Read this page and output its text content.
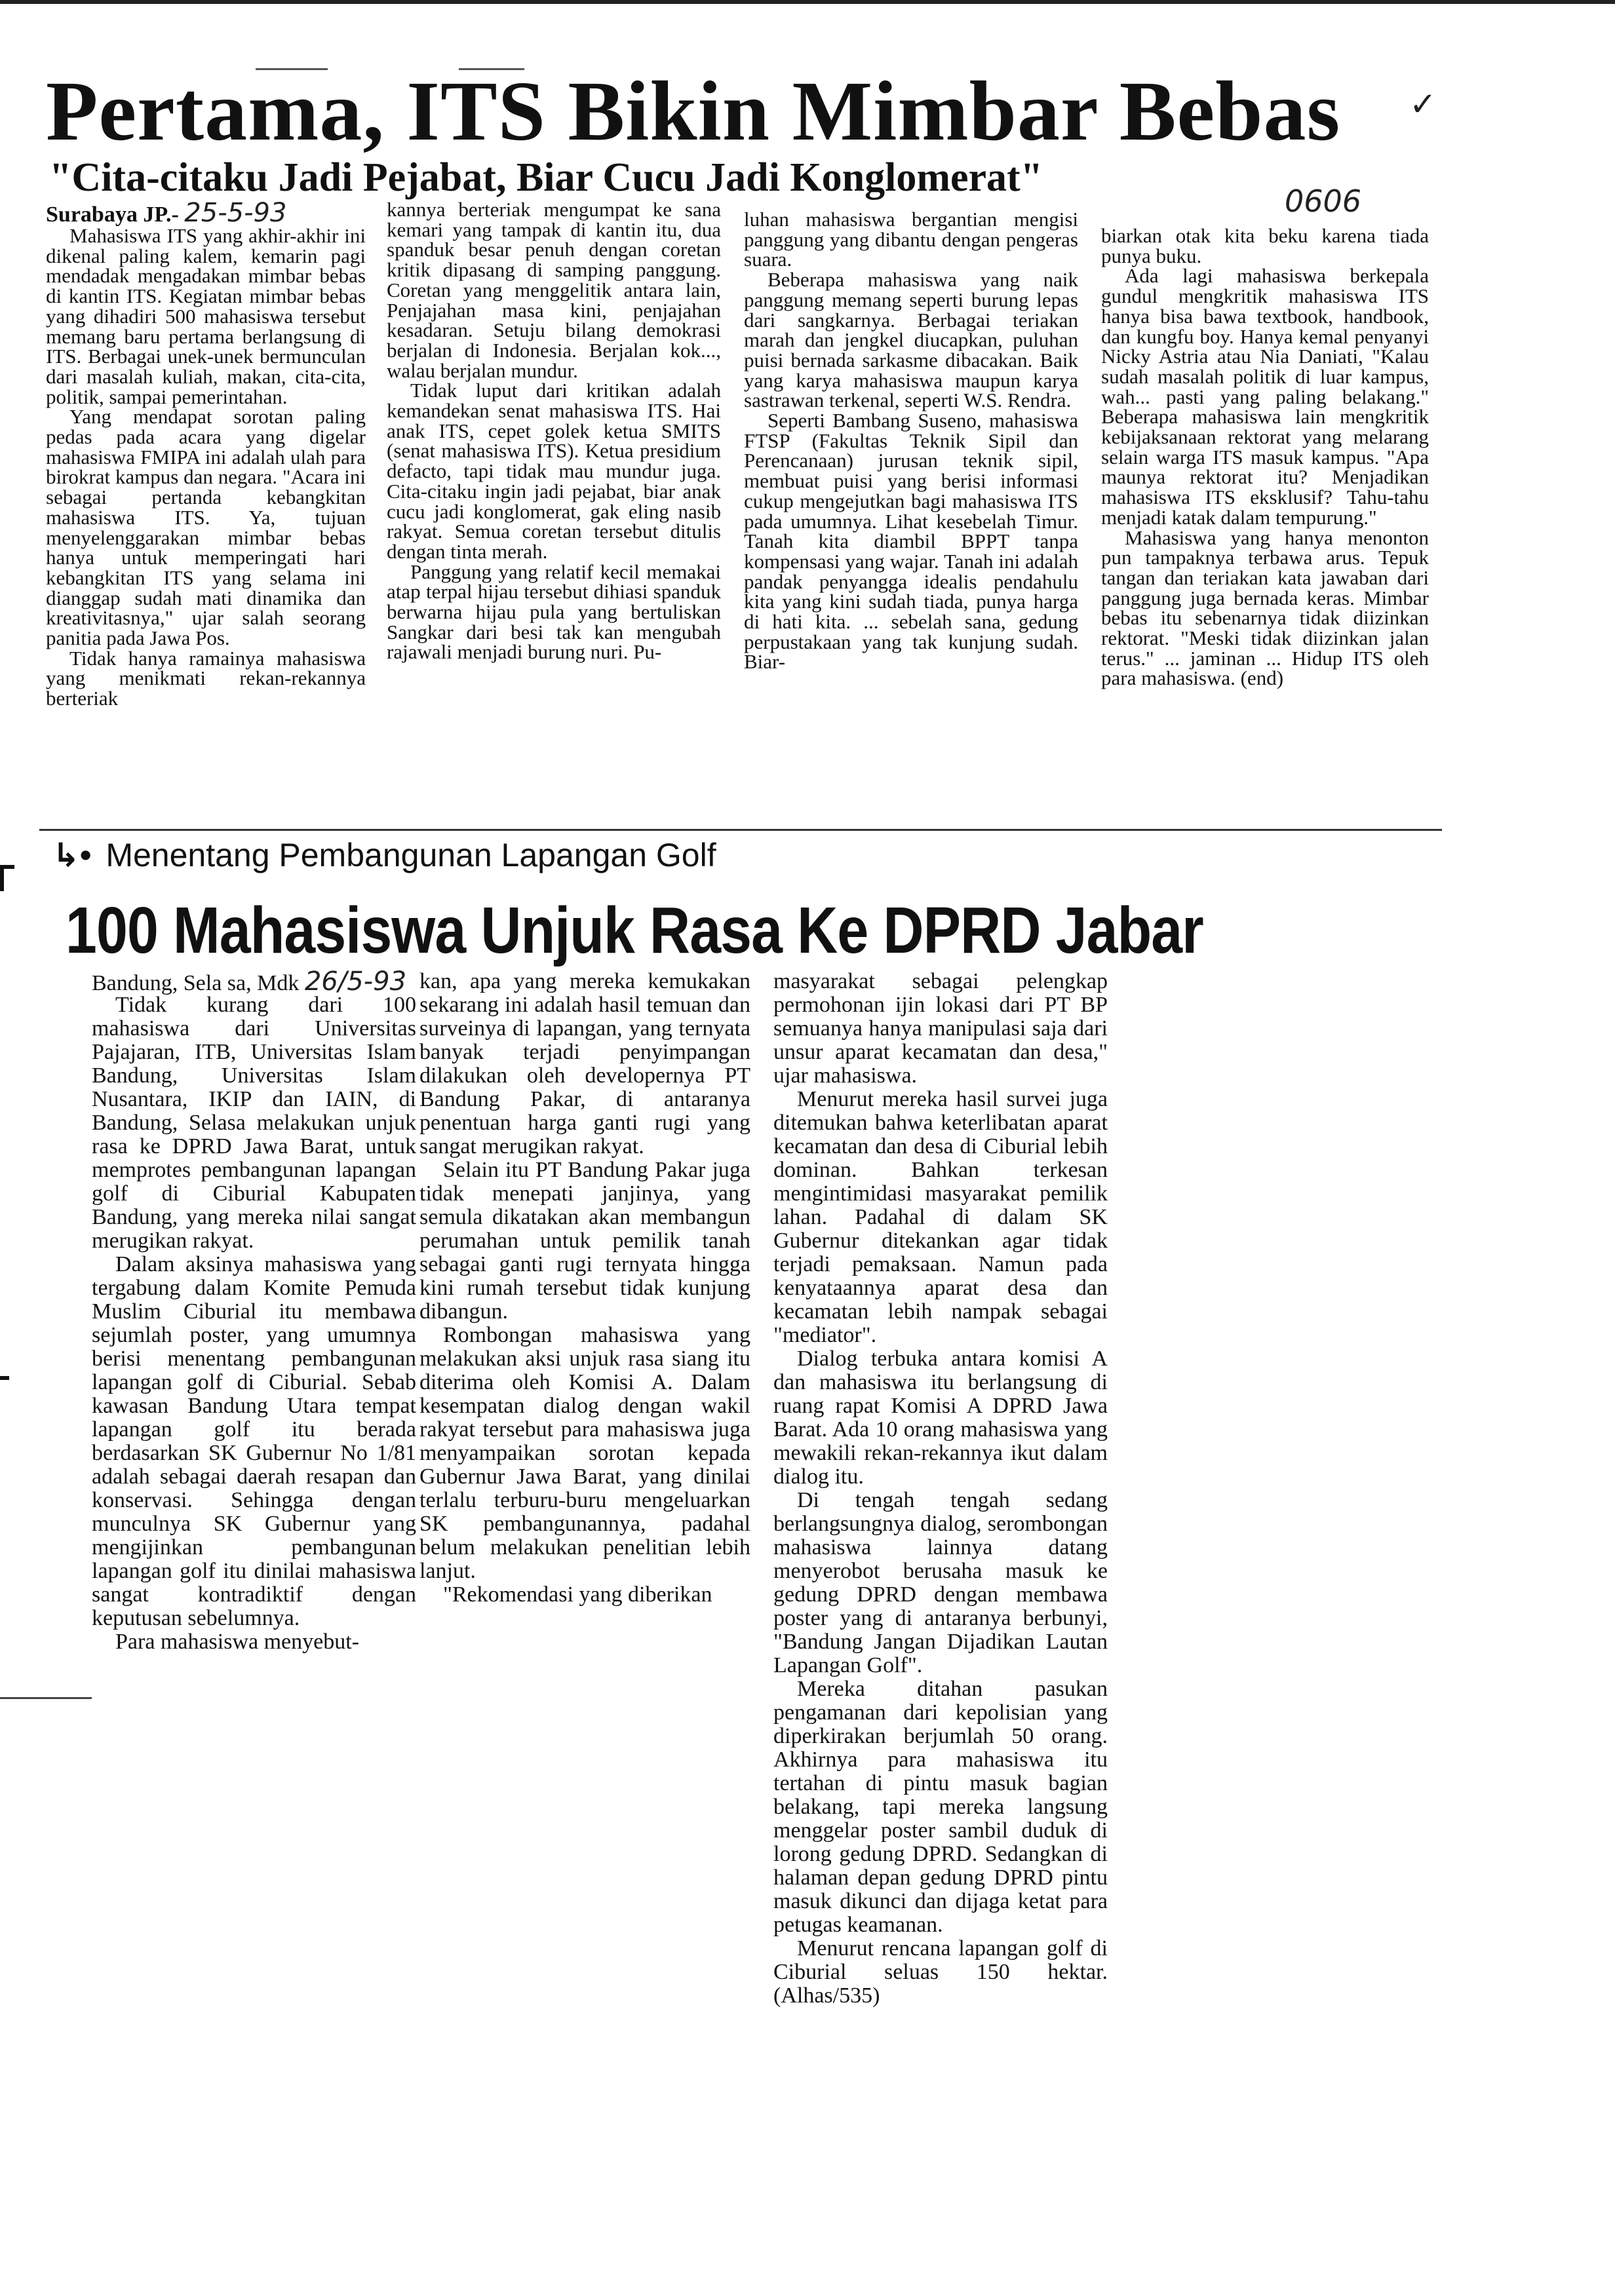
Pertama, ITS Bikin Mimbar Bebas	✓
"Cita-citaku Jadi Pejabat, Biar Cucu Jadi Konglomerat"
0606
Surabaya JP.- 25-5-93

Mahasiswa ITS yang akhir-akhir ini dikenal paling kalem, kemarin pagi mendadak mengadakan mimbar bebas di kantin ITS. Kegiatan mimbar bebas yang dihadiri 500 mahasiswa tersebut memang baru pertama berlangsung di ITS. Berbagai unek-unek bermunculan dari masalah kuliah, makan, cita-cita, politik, sampai pemerintahan.

Yang mendapat sorotan paling pedas pada acara yang digelar mahasiswa FMIPA ini adalah ulah para birokrat kampus dan negara. "Acara ini sebagai pertanda kebangkitan mahasiswa ITS. Ya, tujuan menyelenggarakan mimbar bebas hanya untuk memperingati hari kebangkitan ITS yang selama ini dianggap sudah mati dinamika dan kreativitasnya," ujar salah seorang panitia pada Jawa Pos.

Tidak hanya ramainya mahasiswa yang menikmati rekan-rekannya berteriak

kannya berteriak mengumpat ke sana kemari yang tampak di kantin itu, dua spanduk besar penuh dengan coretan kritik dipasang di samping panggung. Coretan yang menggelitik antara lain, Penjajahan masa kini, penjajahan kesadaran. Setuju bilang demokrasi berjalan di Indonesia. Berjalan kok..., walau berjalan mundur.

Tidak luput dari kritikan adalah kemandekan senat mahasiswa ITS. Hai anak ITS, cepet golek ketua SMITS (senat mahasiswa ITS). Ketua presidium defacto, tapi tidak mau mundur juga. Cita-citaku ingin jadi pejabat, biar anak cucu jadi konglomerat, gak eling nasib rakyat. Semua coretan tersebut ditulis dengan tinta merah.

Panggung yang relatif kecil memakai atap terpal hijau tersebut dihiasi spanduk berwarna hijau pula yang bertuliskan Sangkar dari besi tak kan mengubah rajawali menjadi burung nuri. Pu-

luhan mahasiswa bergantian mengisi panggung yang dibantu dengan pengeras suara.

Beberapa mahasiswa yang naik panggung memang seperti burung lepas dari sangkarnya. Berbagai teriakan marah dan jengkel diucapkan, puluhan puisi bernada sarkasme dibacakan. Baik yang karya mahasiswa maupun karya sastrawan terkenal, seperti W.S. Rendra.

Seperti Bambang Suseno, mahasiswa FTSP (Fakultas Teknik Sipil dan Perencanaan) jurusan teknik sipil, membuat puisi yang berisi informasi cukup mengejutkan bagi mahasiswa ITS pada umumnya. Lihat kesebelah Timur. Tanah kita diambil BPPT tanpa kompensasi yang wajar. Tanah ini adalah pandak penyangga idealis pendahulu kita yang kini sudah tiada, punya harga di hati kita. ... sebelah sana, gedung perpustakaan yang tak kunjung sudah. Biar-

biarkan otak kita beku karena tiada punya buku.

Ada lagi mahasiswa berkepala gundul mengkritik mahasiswa ITS hanya bisa bawa textbook, handbook, dan kungfu boy. Hanya kemal penyanyi Nicky Astria atau Nia Daniati, "Kalau sudah masalah politik di luar kampus, wah... pasti yang paling belakang." Beberapa mahasiswa lain mengkritik kebijaksanaan rektorat yang melarang selain warga ITS masuk kampus. "Apa maunya rektorat itu? Menjadikan mahasiswa ITS eksklusif? Tahu-tahu menjadi katak dalam tempurung."

Mahasiswa yang hanya menonton pun tampaknya terbawa arus. Tepuk tangan dan teriakan kata jawaban dari panggung juga bernada keras. Mimbar bebas itu sebenarnya tidak diizinkan rektorat. "Meski tidak diizinkan jalan terus." ... jaminan ... Hidup ITS oleh para mahasiswa. (end)

↳• Menentang Pembangunan Lapangan Golf
100 Mahasiswa Unjuk Rasa Ke DPRD Jabar
Bandung, Sela sa, Mdk 26/5-93

Tidak kurang dari 100 mahasiswa dari Universitas Pajajaran, ITB, Universitas Islam Bandung, Universitas Islam Nusantara, IKIP dan IAIN, di Bandung, Selasa melakukan unjuk rasa ke DPRD Jawa Barat, untuk memprotes pembangunan lapangan golf di Ciburial Kabupaten Bandung, yang mereka nilai sangat merugikan rakyat.

Dalam aksinya mahasiswa yang tergabung dalam Komite Pemuda Muslim Ciburial itu membawa sejumlah poster, yang umumnya berisi menentang pembangunan lapangan golf di Ciburial. Sebab kawasan Bandung Utara tempat lapangan golf itu berada berdasarkan SK Gubernur No 1/81 adalah sebagai daerah resapan dan konservasi. Sehingga dengan munculnya SK Gubernur yang mengijinkan pembangunan lapangan golf itu dinilai mahasiswa sangat kontradiktif dengan keputusan sebelumnya.

Para mahasiswa menyebut-

kan, apa yang mereka kemukakan sekarang ini adalah hasil temuan dan surveinya di lapangan, yang ternyata banyak terjadi penyimpangan dilakukan oleh developernya PT Bandung Pakar, di antaranya penentuan harga ganti rugi yang sangat merugikan rakyat.

Selain itu PT Bandung Pakar juga tidak menepati janjinya, yang semula dikatakan akan membangun perumahan untuk pemilik tanah sebagai ganti rugi ternyata hingga kini rumah tersebut tidak kunjung dibangun.

Rombongan mahasiswa yang melakukan aksi unjuk rasa siang itu diterima oleh Komisi A. Dalam kesempatan dialog dengan wakil rakyat tersebut para mahasiswa juga menyampaikan sorotan kepada Gubernur Jawa Barat, yang dinilai terlalu terburu-buru mengeluarkan SK pembangunannya, padahal belum melakukan penelitian lebih lanjut.

"Rekomendasi yang diberikan

masyarakat sebagai pelengkap permohonan ijin lokasi dari PT BP semuanya hanya manipulasi saja dari unsur aparat kecamatan dan desa," ujar mahasiswa.

Menurut mereka hasil survei juga ditemukan bahwa keterlibatan aparat kecamatan dan desa di Ciburial lebih dominan. Bahkan terkesan mengintimidasi masyarakat pemilik lahan. Padahal di dalam SK Gubernur ditekankan agar tidak terjadi pemaksaan. Namun pada kenyataannya aparat desa dan kecamatan lebih nampak sebagai "mediator".

Dialog terbuka antara komisi A dan mahasiswa itu berlangsung di ruang rapat Komisi A DPRD Jawa Barat. Ada 10 orang mahasiswa yang mewakili rekan-rekannya ikut dalam dialog itu.

Di tengah tengah sedang berlangsungnya dialog, serombongan mahasiswa lainnya datang menyerobot berusaha masuk ke gedung DPRD dengan membawa poster yang di antaranya berbunyi, "Bandung Jangan Dijadikan Lautan Lapangan Golf".

Mereka ditahan pasukan pengamanan dari kepolisian yang diperkirakan berjumlah 50 orang. Akhirnya para mahasiswa itu tertahan di pintu masuk bagian belakang, tapi mereka langsung menggelar poster sambil duduk di lorong gedung DPRD. Sedangkan di halaman depan gedung DPRD pintu masuk dikunci dan dijaga ketat para petugas keamanan.

Menurut rencana lapangan golf di Ciburial seluas 150 hektar. (Alhas/535)
